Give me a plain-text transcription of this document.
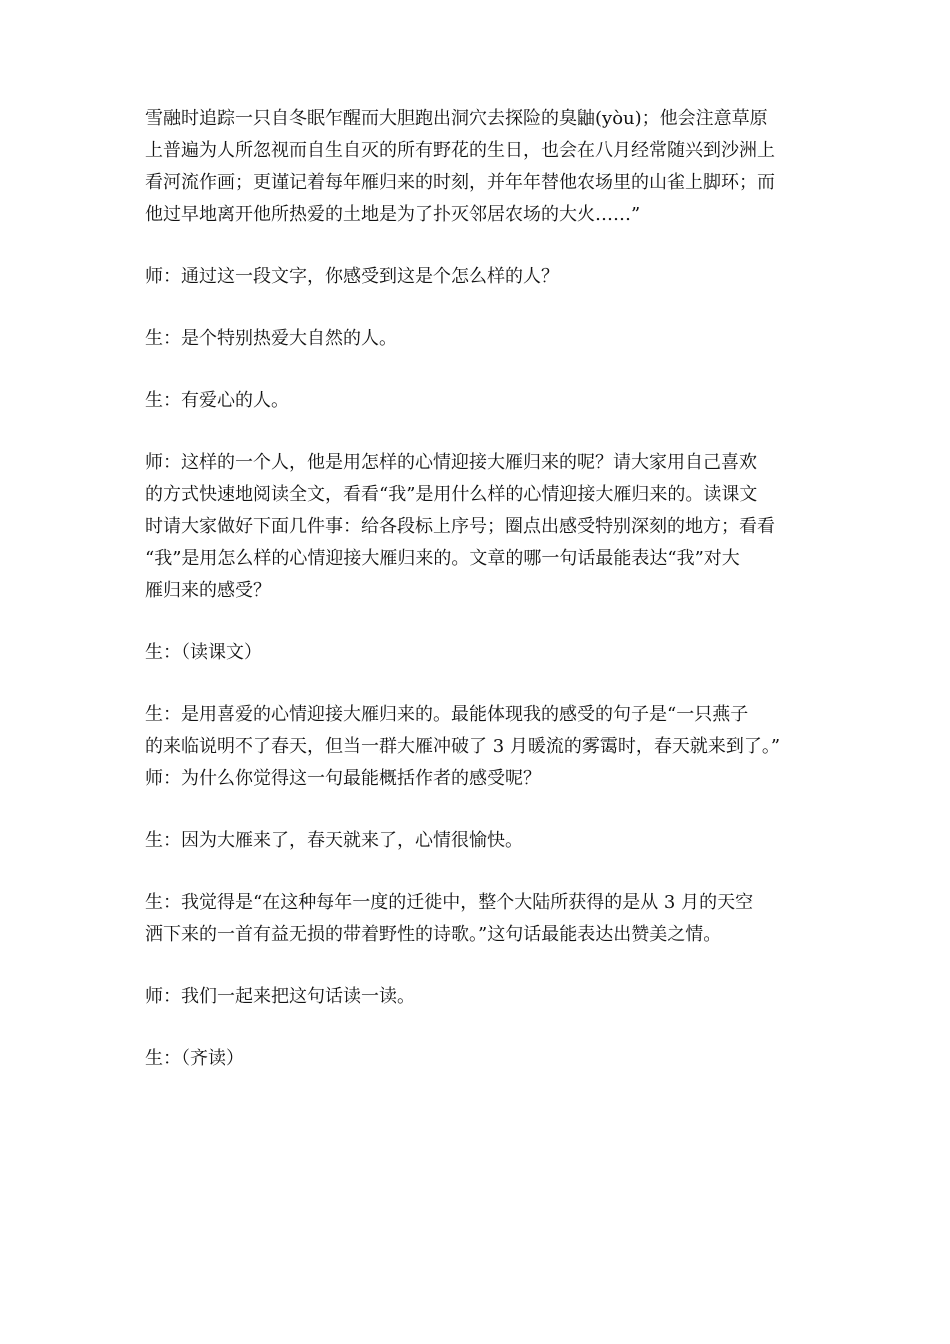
雪融时追踪一只自冬眠乍醒而大胆跑出洞穴去探险的臭鼬(yòu)；他会注意草原
上普遍为人所忽视而自生自灭的所有野花的生日，也会在八月经常随兴到沙洲上
看河流作画；更谨记着每年雁归来的时刻，并年年替他农场里的山雀上脚环；而
他过早地离开他所热爱的土地是为了扑灭邻居农场的大火……”

师：通过这一段文字，你感受到这是个怎么样的人？

生：是个特别热爱大自然的人。

生：有爱心的人。

师：这样的一个人，他是用怎样的心情迎接大雁归来的呢？请大家用自己喜欢
的方式快速地阅读全文，看看“我”是用什么样的心情迎接大雁归来的。读课文
时请大家做好下面几件事：给各段标上序号；圈点出感受特别深刻的地方；看看
“我”是用怎么样的心情迎接大雁归来的。文章的哪一句话最能表达“我”对大
雁归来的感受？

生：（读课文）

生：是用喜爱的心情迎接大雁归来的。最能体现我的感受的句子是“一只燕子
的来临说明不了春天，但当一群大雁冲破了 3 月暖流的雾霭时，春天就来到了。”
师：为什么你觉得这一句最能概括作者的感受呢？

生：因为大雁来了，春天就来了，心情很愉快。

生：我觉得是“在这种每年一度的迁徙中，整个大陆所获得的是从 3 月的天空
洒下来的一首有益无损的带着野性的诗歌。”这句话最能表达出赞美之情。

师：我们一起来把这句话读一读。

生：（齐读）
